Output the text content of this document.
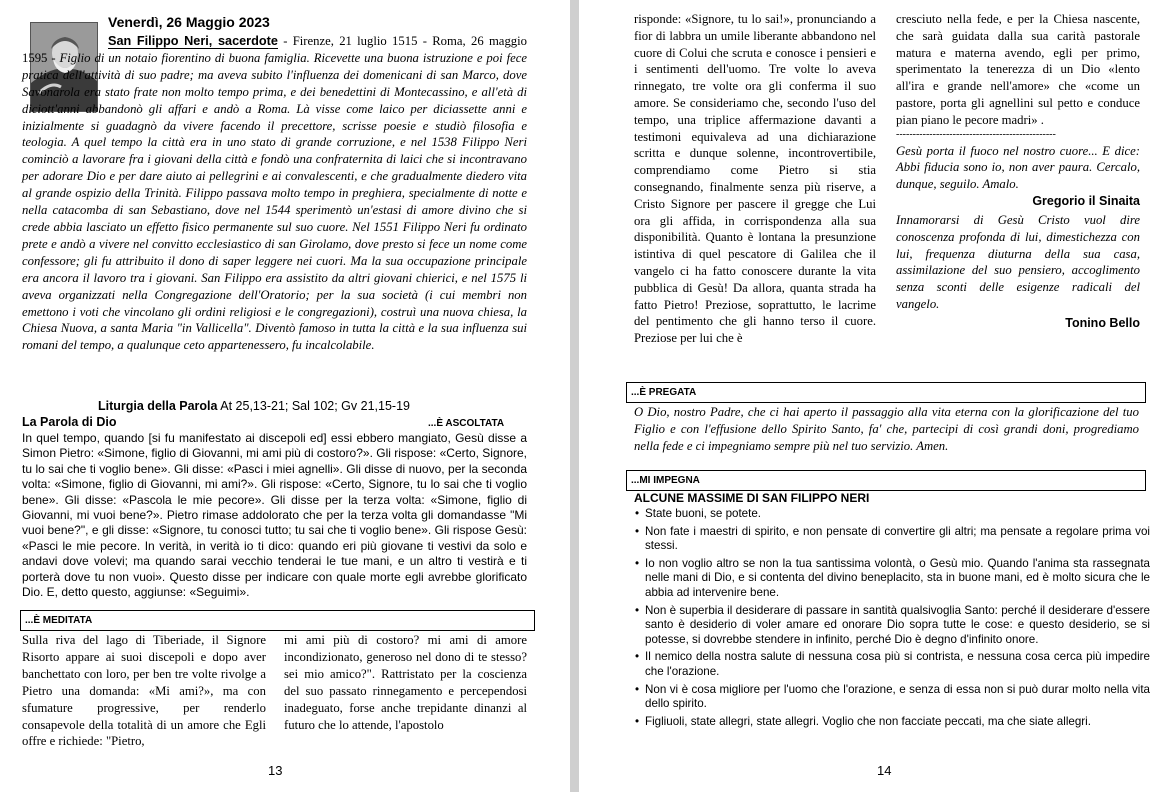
Venerdì, 26 Maggio 2023
San Filippo Neri, sacerdote - Firenze, 21 luglio 1515 - Roma, 26 maggio 1595 - Figlio di un notaio fiorentino di buona famiglia. Ricevette una buona istruzione e poi fece pratica dell'attività di suo padre; ma aveva subito l'influenza dei domenicani di san Marco, dove Savonarola era stato frate non molto tempo prima, e dei benedettini di Montecassino, e all'età di diciott'anni abbandonò gli affari e andò a Roma. Là visse come laico per diciassette anni e inizialmente si guadagnò da vivere facendo il precettore, scrisse poesie e studiò filosofia e teologia. A quel tempo la città era in uno stato di grande corruzione, e nel 1538 Filippo Neri cominciò a lavorare fra i giovani della città e fondò una confraternita di laici che si incontravano per adorare Dio e per dare aiuto ai pellegrini e ai convalescenti, e che gradualmente diedero vita al grande ospizio della Trinità. Filippo passava molto tempo in preghiera, specialmente di notte e nella catacomba di san Sebastiano, dove nel 1544 sperimentò un'estasi di amore divino che si crede abbia lasciato un effetto fisico permanente sul suo cuore. Nel 1551 Filippo Neri fu ordinato prete e andò a vivere nel convitto ecclesiastico di san Girolamo, dove presto si fece un nome come confessore; gli fu attribuito il dono di saper leggere nei cuori. Ma la sua occupazione principale era ancora il lavoro tra i giovani. San Filippo era assistito da altri giovani chierici, e nel 1575 li aveva organizzati nella Congregazione dell'Oratorio; per la sua società (i cui membri non emettono i voti che vincolano gli ordini religiosi e le congregazioni), costruì una nuova chiesa, la Chiesa Nuova, a santa Maria "in Vallicella". Diventò famoso in tutta la città e la sua influenza sui romani del tempo, a qualunque ceto appartenessero, fu incalcolabile.
Liturgia della Parola At 25,13-21; Sal 102; Gv 21,15-19
La Parola di Dio	...È ASCOLTATA
In quel tempo, quando [si fu manifestato ai discepoli ed] essi ebbero mangiato, Gesù disse a Simon Pietro: «Simone, figlio di Giovanni, mi ami più di costoro?». Gli rispose: «Certo, Signore, tu lo sai che ti voglio bene». Gli disse: «Pasci i miei agnelli». Gli disse di nuovo, per la seconda volta: «Simone, figlio di Giovanni, mi ami?». Gli rispose: «Certo, Signore, tu lo sai che ti voglio bene». Gli disse: «Pascola le mie pecore». Gli disse per la terza volta: «Simone, figlio di Giovanni, mi vuoi bene?». Pietro rimase addolorato che per la terza volta gli domandasse "Mi vuoi bene?", e gli disse: «Signore, tu conosci tutto; tu sai che ti voglio bene». Gli rispose Gesù: «Pasci le mie pecore. In verità, in verità io ti dico: quando eri più giovane ti vestivi da solo e andavi dove volevi; ma quando sarai vecchio tenderai le tue mani, e un altro ti vestirà e ti porterà dove tu non vuoi». Questo disse per indicare con quale morte egli avrebbe glorificato Dio. E, detto questo, aggiunse: «Seguimi».
...È MEDITATA
Sulla riva del lago di Tiberiade, il Signore Risorto appare ai suoi discepoli e dopo aver banchettato con loro, per ben tre volte rivolge a Pietro una domanda: «Mi ami?», ma con sfumature progressive, per renderlo consapevole della totalità di un amore che Egli offre e richiede: "Pietro,
mi ami più di costoro? mi ami di amore incondizionato, generoso nel dono di te stesso? sei mio amico?". Rattristato per la coscienza del suo passato rinnegamento e percependosi inadeguato, forse anche trepidante dinanzi al futuro che lo attende, l'apostolo
13
risponde: «Signore, tu lo sai!», pronunciando a fior di labbra un umile liberante abbandono nel cuore di Colui che scruta e conosce i pensieri e i sentimenti dell'uomo. Tre volte lo aveva rinnegato, tre volte ora gli conferma il suo amore. Se consideriamo che, secondo l'uso del tempo, una triplice affermazione davanti a testimoni equivaleva ad una dichiarazione scritta e dunque solenne, incontrovertibile, comprendiamo come Pietro si stia consegnando, finalmente senza più riserve, a Cristo Signore per pascere il gregge che Lui ora gli affida, in corrispondenza alla sua disponibilità. Quanto è lontana la presunzione istintiva di quel pescatore di Galilea che il vangelo ci ha fatto conoscere durante la vita pubblica di Gesù! Da allora, quanta strada ha fatto Pietro! Preziose, soprattutto, le lacrime del pentimento che gli hanno terso il cuore. Preziose per lui che è
cresciuto nella fede, e per la Chiesa nascente, che sarà guidata dalla sua carità pastorale matura e materna avendo, egli per primo, sperimentato la tenerezza di un Dio «lento all'ira e grande nell'amore» che «come un pastore, porta gli agnellini sul petto e conduce pian piano le pecore madri» .
------------------------------------------------
Gesù porta il fuoco nel nostro cuore... E dice: Abbi fiducia sono io, non aver paura. Cercalo, dunque, seguilo. Amalo.
Gregorio il Sinaita
Innamorarsi di Gesù Cristo vuol dire conoscenza profonda di lui, dimestichezza con lui, frequenza diuturna della sua casa, assimilazione del suo pensiero, accoglimento senza sconti delle esigenze radicali del vangelo.
Tonino Bello
...È PREGATA
O Dio, nostro Padre, che ci hai aperto il passaggio alla vita eterna con la glorificazione del tuo Figlio e con l'effusione dello Spirito Santo, fa' che, partecipi di così grandi doni, progrediamo nella fede e ci impegniamo sempre più nel tuo servizio. Amen.
...MI IMPEGNA
ALCUNE MASSIME DI SAN FILIPPO NERI
• State buoni, se potete.
• Non fate i maestri di spirito, e non pensate di convertire gli altri; ma pensate a regolare prima voi stessi.
• Io non voglio altro se non la tua santissima volontà, o Gesù mio. Quando l'anima sta rassegnata nelle mani di Dio, e si contenta del divino beneplacito, sta in buone mani, ed è molto sicura che le abbia ad intervenire bene.
• Non è superbia il desiderare di passare in santità qualsivoglia Santo: perché il desiderare d'essere santo è desiderio di voler amare ed onorare Dio sopra tutte le cose: e questo desiderio, se si potesse, si dovrebbe stendere in infinito, perché Dio è degno d'infinito onore.
• Il nemico della nostra salute di nessuna cosa più si contrista, e nessuna cosa cerca più impedire che l'orazione.
• Non vi è cosa migliore per l'uomo che l'orazione, e senza di essa non si può durar molto nella vita dello spirito.
• Figliuoli, state allegri, state allegri. Voglio che non facciate peccati, ma che siate allegri.
14
